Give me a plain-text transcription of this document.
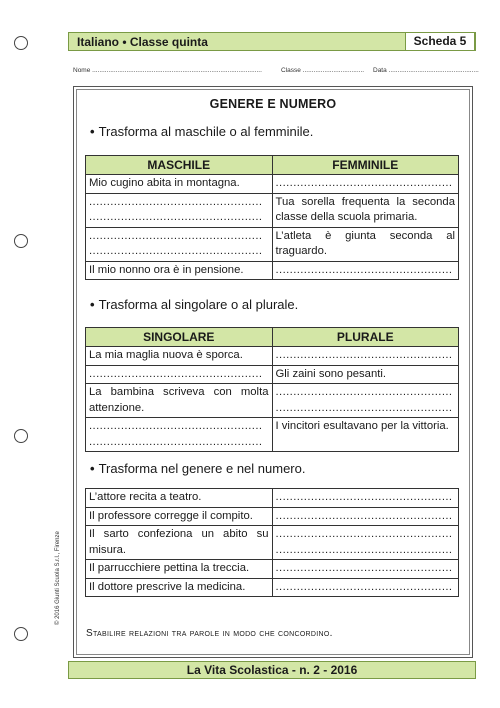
Italiano • Classe quinta	Scheda 5
Nome ..............................................................................................	Classe .................................. Data ..................................................
GENERE E NUMERO
• Trasforma al maschile o al femminile.
MASCHILE	FEMMINILE
Mio cugino abita in montagna.	..................................................
.................................................
.................................................	Tua sorella frequenta la seconda classe della scuola primaria.
.................................................
.................................................	L’atleta è giunta seconda al traguardo.
Il mio nonno ora è in pensione.	..................................................
• Trasforma al singolare o al plurale.
SINGOLARE	PLURALE
La mia maglia nuova è sporca.	..................................................
.................................................	Gli zaini sono pesanti.
La bambina scriveva con molta attenzione.	..................................................
..................................................
.................................................
.................................................	I vincitori esultavano per la vittoria.
• Trasforma nel genere e nel numero.
L’attore recita a teatro.	..................................................
Il professore corregge il compito.	..................................................
Il sarto confeziona un abito su misura.	..................................................
..................................................
Il parrucchiere pettina la treccia.	..................................................
Il dottore prescrive la medicina.	..................................................
Stabilire relazioni tra parole in modo che concordino.
© 2016 Giunti Scuola S.r.l., Firenze
La Vita Scolastica - n. 2 - 2016
